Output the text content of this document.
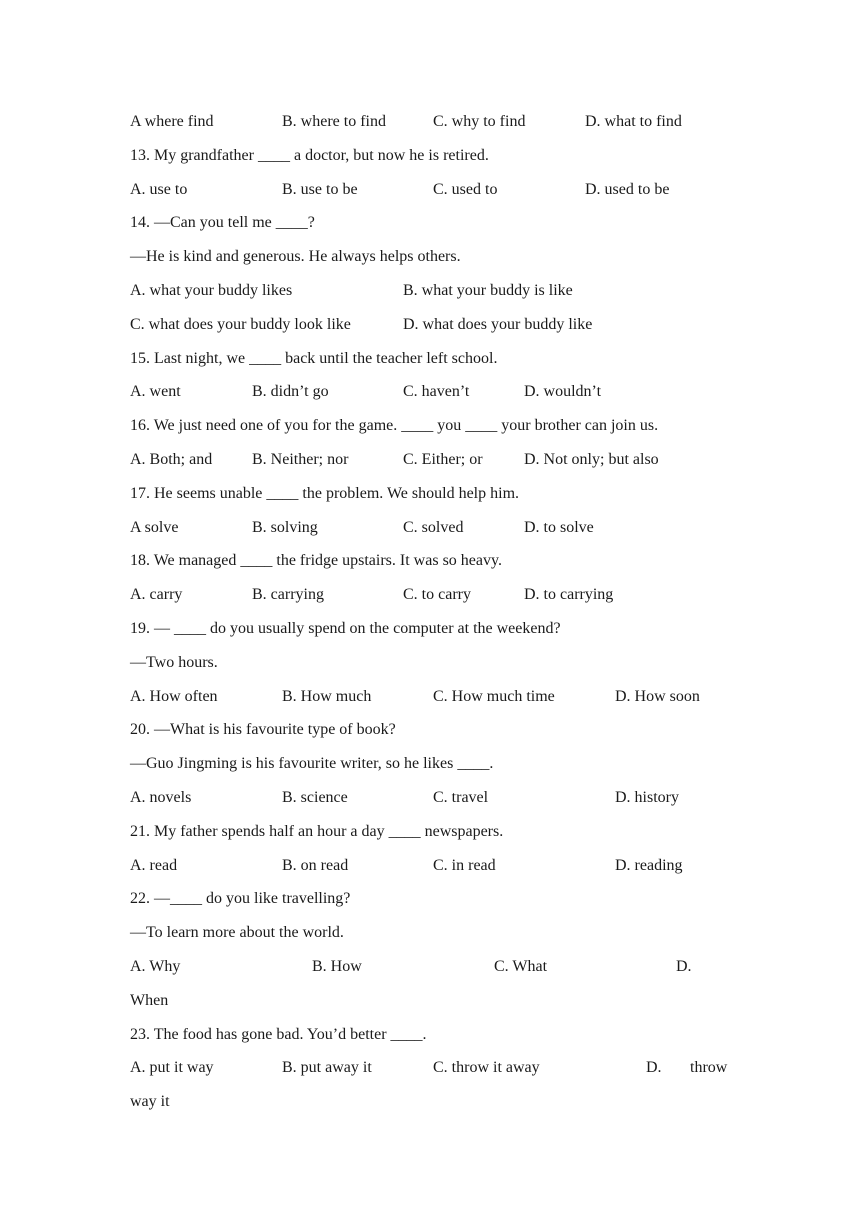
A where find	B. where to find	C. why to find	D. what to find
13. My grandfather ____ a doctor, but now he is retired.
A. use to	B. use to be	C. used to	D. used to be
14. —Can you tell me ____?
—He is kind and generous. He always helps others.
A. what your buddy likes	B. what your buddy is like
C. what does your buddy look like	D. what does your buddy like
15. Last night, we ____ back until the teacher left school.
A. went	B. didn’t go	C. haven’t	D. wouldn’t
16. We just need one of you for the game. ____ you ____ your brother can join us.
A. Both; and B. Neither; nor	C. Either; or	D. Not only; but also
17. He seems unable ____ the problem. We should help him.
A solve	B. solving	C. solved	D. to solve
18. We managed ____ the fridge upstairs. It was so heavy.
A. carry	B. carrying	C. to carry	D. to carrying
19. — ____ do you usually spend on the computer at the weekend?
—Two hours.
A. How often	B. How much	C. How much time	D. How soon
20. —What is his favourite type of book?
—Guo Jingming is his favourite writer, so he likes ____.
A. novels	B. science	C. travel	D. history
21. My father spends half an hour a day ____ newspapers.
A. read	B. on read	C. in read	D. reading
22. —____ do you like travelling?
—To learn more about the world.
A. Why	B. How	C. What	D.
When
23. The food has gone bad. You’d better ____.
A. put it way	B. put away it	C. throw it away	D. throw
way it
